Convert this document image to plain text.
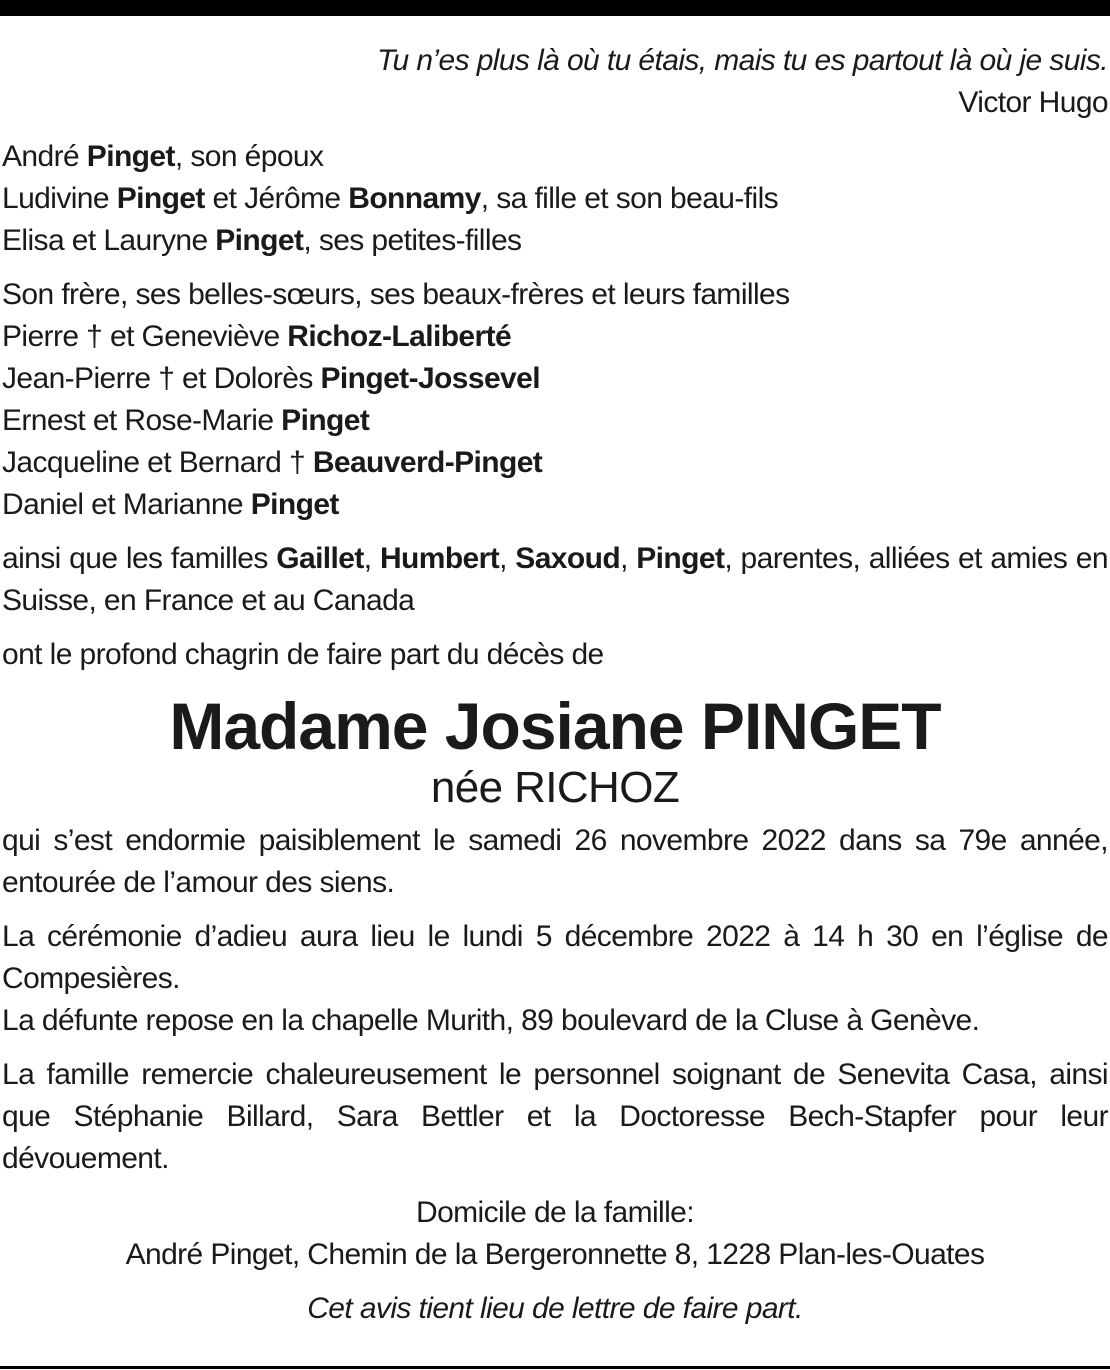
Tu n’es plus là où tu étais, mais tu es partout là où je suis.
Victor Hugo
André Pinget, son époux
Ludivine Pinget et Jérôme Bonnamy, sa fille et son beau-fils
Elisa et Lauryne Pinget, ses petites-filles
Son frère, ses belles-sœurs, ses beaux-frères et leurs familles
Pierre † et Geneviève Richoz-Laliberté
Jean-Pierre † et Dolorès Pinget-Jossevel
Ernest et Rose-Marie Pinget
Jacqueline et Bernard † Beauverd-Pinget
Daniel et Marianne Pinget
ainsi que les familles Gaillet, Humbert, Saxoud, Pinget, parentes, alliées et amies en Suisse, en France et au Canada
ont le profond chagrin de faire part du décès de
Madame Josiane PINGET
née RICHOZ
qui s’est endormie paisiblement le samedi 26 novembre 2022 dans sa 79e année, entourée de l’amour des siens.
La cérémonie d’adieu aura lieu le lundi 5 décembre 2022 à 14 h 30 en l’église de Compesières.
La défunte repose en la chapelle Murith, 89 boulevard de la Cluse à Genève.
La famille remercie chaleureusement le personnel soignant de Senevita Casa, ainsi que Stéphanie Billard, Sara Bettler et la Doctoresse Bech-Stapfer pour leur dévouement.
Domicile de la famille:
André Pinget, Chemin de la Bergeronnette 8, 1228 Plan-les-Ouates
Cet avis tient lieu de lettre de faire part.
